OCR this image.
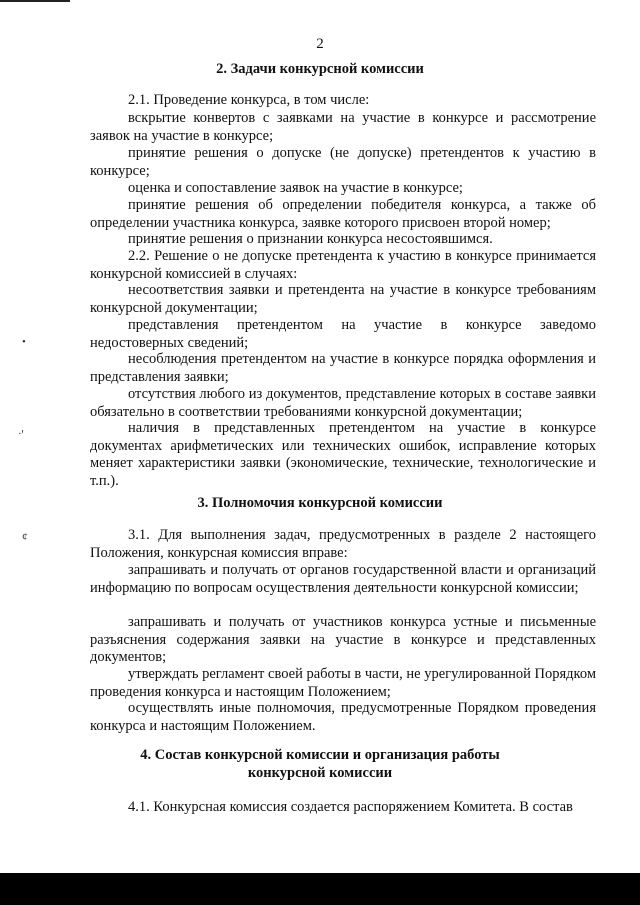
2
2. Задачи конкурсной комиссии
2.1. Проведение конкурса, в том числе:
вскрытие конвертов с заявками на участие в конкурсе и рассмотрение заявок на участие в конкурсе;
принятие решения о допуске (не допуске) претендентов к участию в конкурсе;
оценка и сопоставление заявок на участие в конкурсе;
принятие решения об определении победителя конкурса, а также об определении участника конкурса, заявке которого присвоен второй номер;
принятие решения о признании конкурса несостоявшимся.
2.2. Решение о не допуске претендента к участию в конкурсе принимается конкурсной комиссией в случаях:
несоответствия заявки и претендента на участие в конкурсе требованиям конкурсной документации;
представления претендентом на участие в конкурсе заведомо недостоверных сведений;
несоблюдения претендентом на участие в конкурсе порядка оформления и представления заявки;
отсутствия любого из документов, представление которых в составе заявки обязательно в соответствии требованиями конкурсной документации;
наличия в представленных претендентом на участие в конкурсе документах арифметических или технических ошибок, исправление которых меняет характеристики заявки (экономические, технические, технологические и т.п.).
3. Полномочия конкурсной комиссии
3.1. Для выполнения задач, предусмотренных в разделе 2 настоящего Положения, конкурсная комиссия вправе:
запрашивать и получать от органов государственной власти и организаций информацию по вопросам осуществления деятельности конкурсной комиссии;
запрашивать и получать от участников конкурса устные и письменные разъяснения содержания заявки на участие в конкурсе и представленных документов;
утверждать регламент своей работы в части, не урегулированной Порядком проведения конкурса и настоящим Положением;
осуществлять иные полномочия, предусмотренные Порядком проведения конкурса и настоящим Положением.
4. Состав конкурсной комиссии и организация работы
конкурсной комиссии
4.1. Конкурсная комиссия создается распоряжением Комитета. В состав
•
·ꞌ
¢
